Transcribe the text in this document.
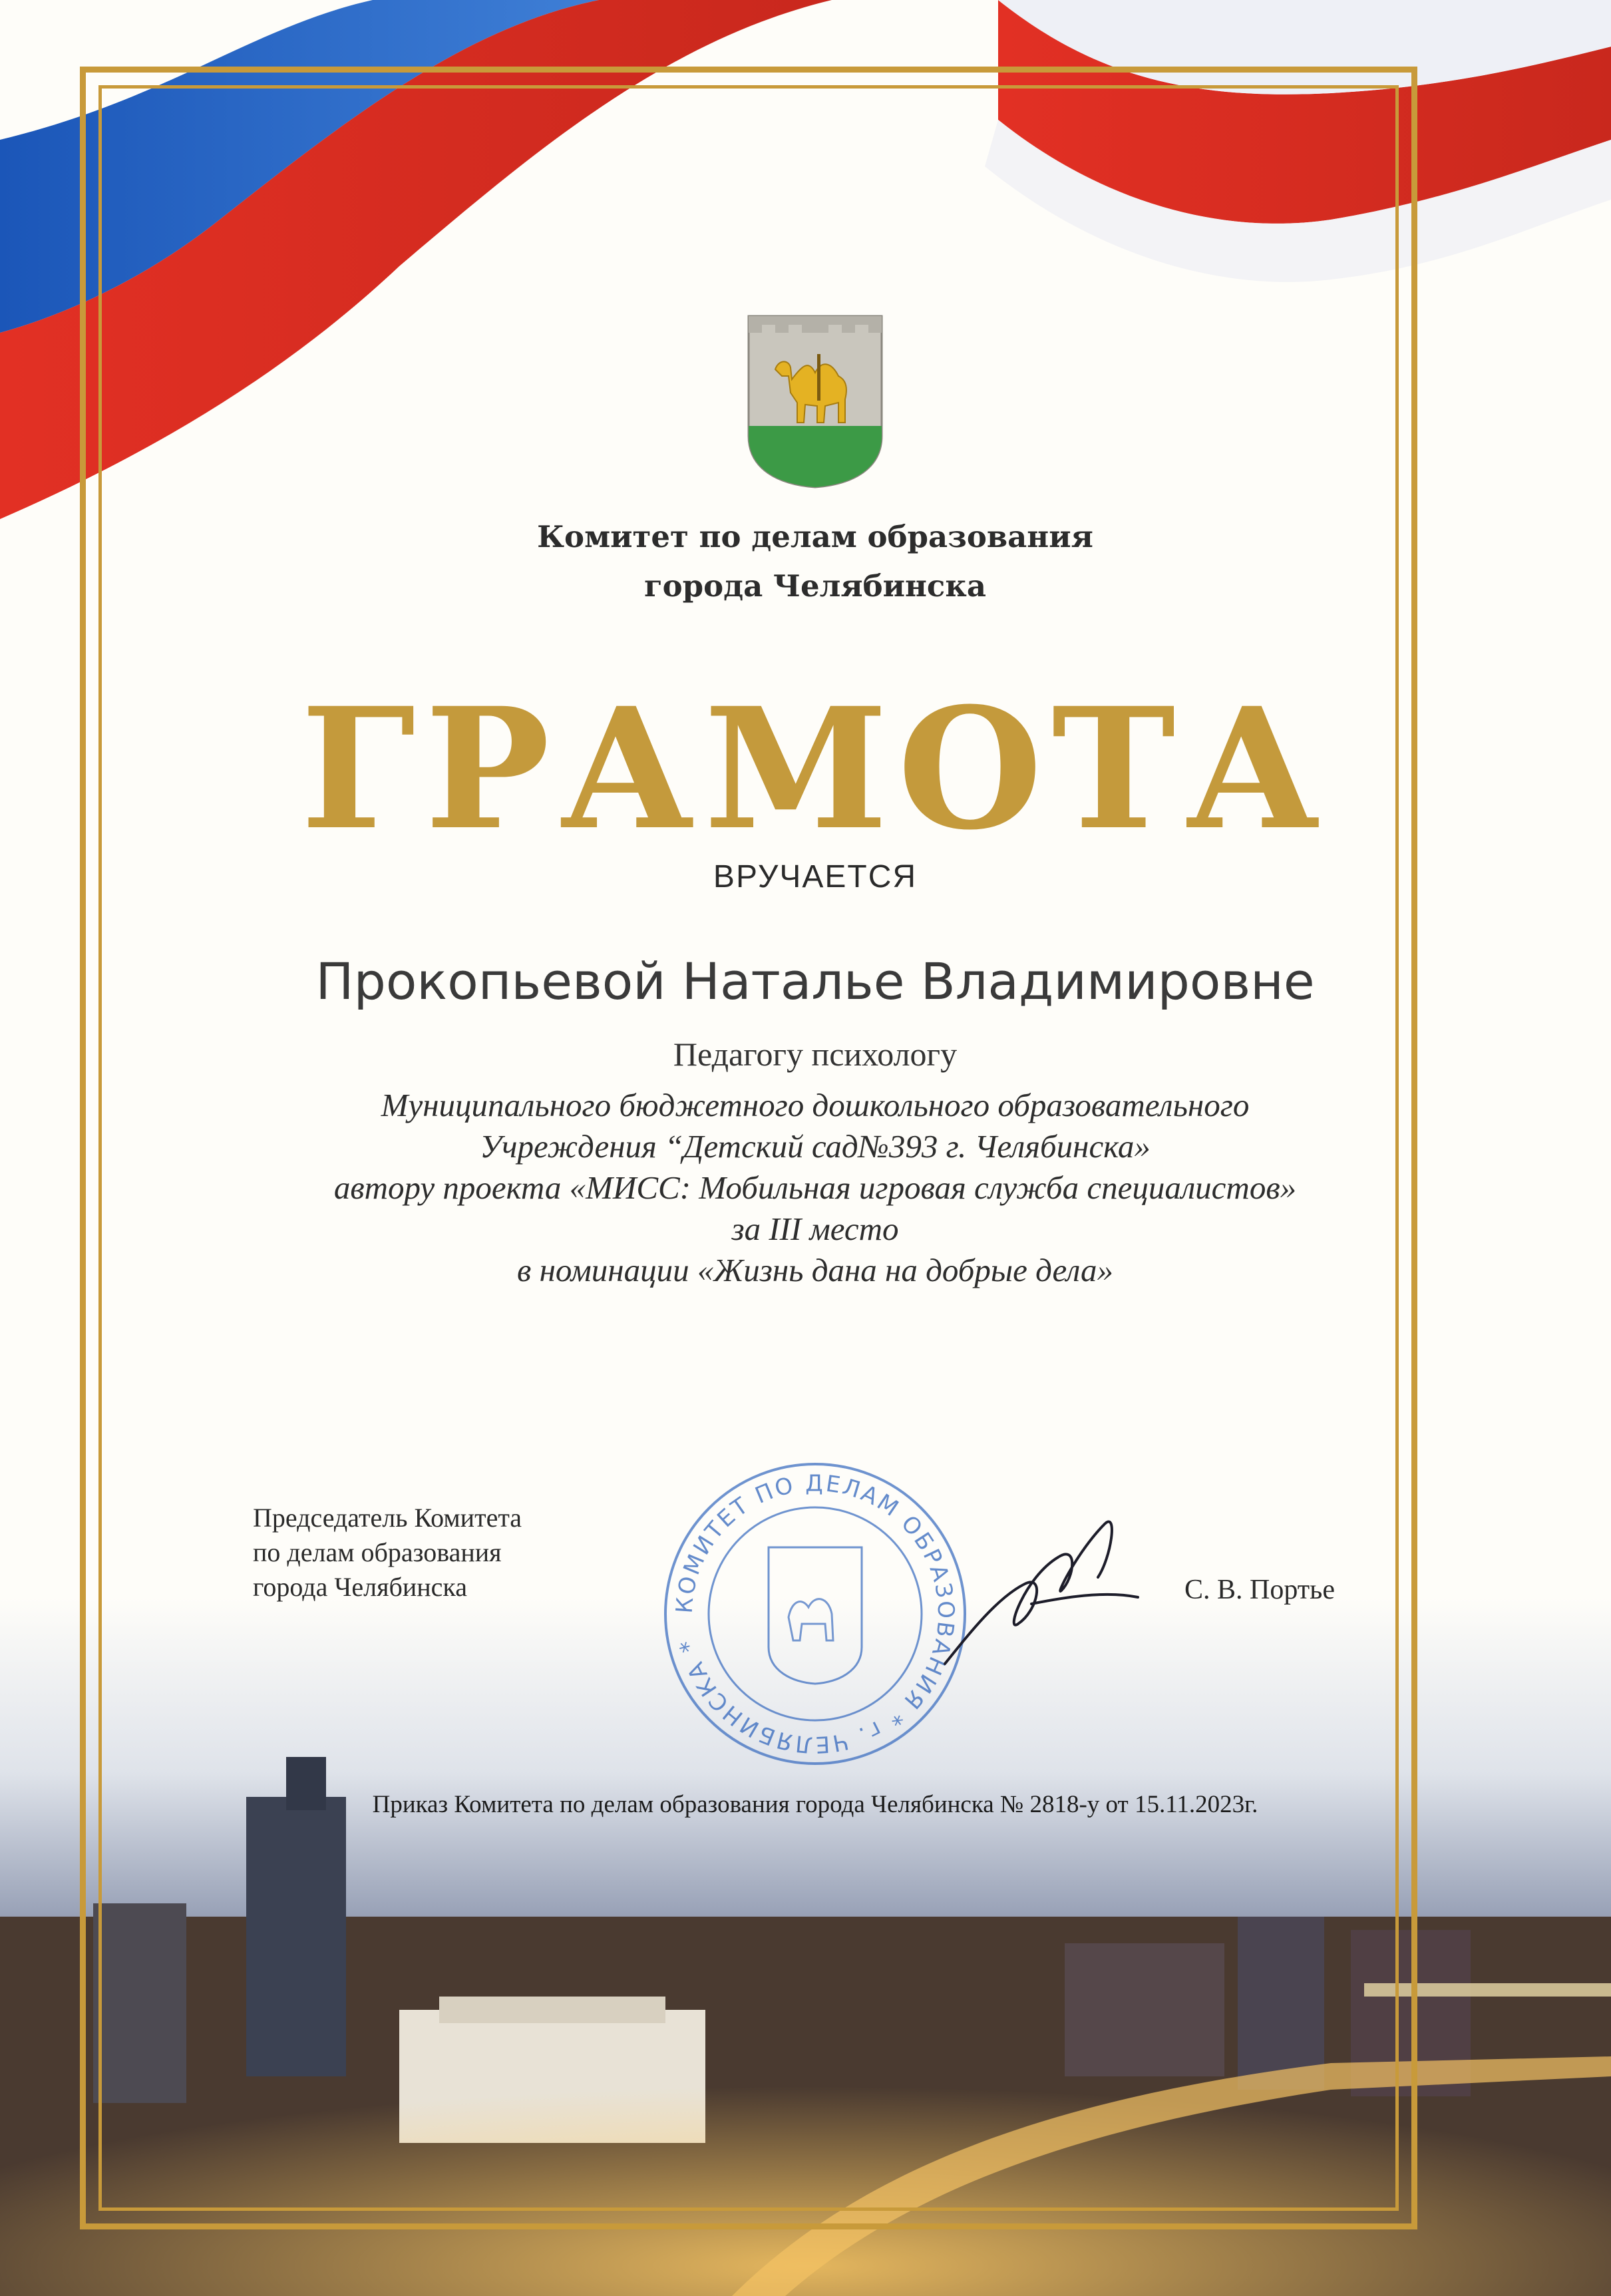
Комитет по делам образования
города Челябинска
ГРАМОТА
ВРУЧАЕТСЯ
Прокопьевой Наталье Владимировне
Педагогу психологу
Муниципального бюджетного дошкольного образовательного
Учреждения “Детский сад№393 г. Челябинска»
автору проекта «МИСС: Мобильная игровая служба специалистов»
за III место
в номинации «Жизнь дана на добрые дела»
Председатель Комитета
по делам образования
города Челябинска
КОМИТЕТ ПО ДЕЛАМ ОБРАЗОВАНИЯ * г. ЧЕЛЯБИНСКА *
С. В. Портье
Приказ Комитета по делам образования города Челябинска № 2818-у от 15.11.2023г.
